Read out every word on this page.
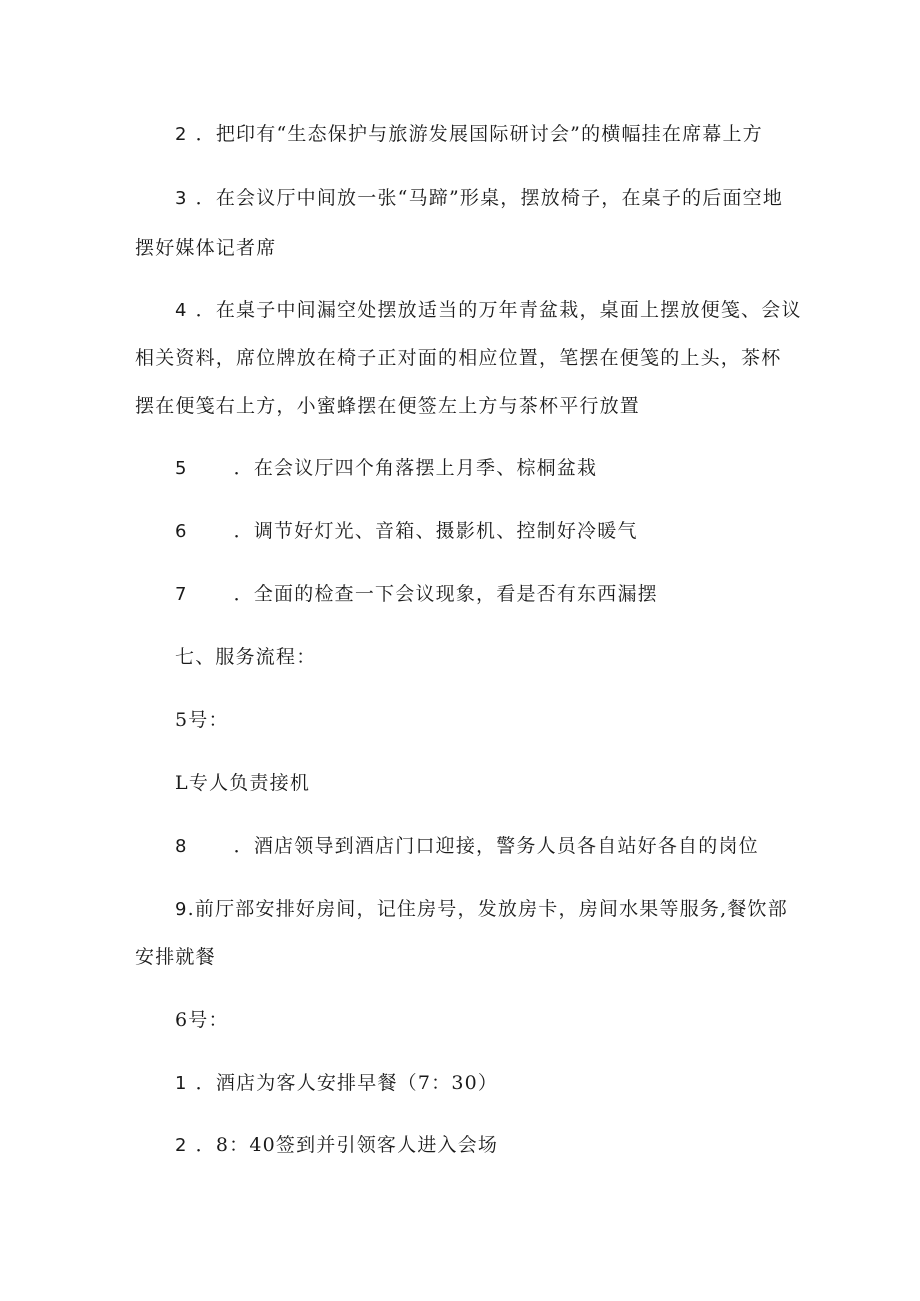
2 ．把印有“生态保护与旅游发展国际研讨会”的横幅挂在席幕上方
3 ．在会议厅中间放一张“马蹄”形桌，摆放椅子，在桌子的后面空地
摆好媒体记者席
4 ．在桌子中间漏空处摆放适当的万年青盆栽，桌面上摆放便笺、会议
相关资料，席位牌放在椅子正对面的相应位置，笔摆在便笺的上头，茶杯
摆在便笺右上方，小蜜蜂摆在便签左上方与茶杯平行放置
5 ．在会议厅四个角落摆上月季、棕桐盆栽
6 ．调节好灯光、音箱、摄影机、控制好冷暖气
7 ．全面的检查一下会议现象，看是否有东西漏摆
七、服务流程：
5号：
L专人负责接机
8 ．酒店领导到酒店门口迎接，警务人员各自站好各自的岗位
9.前厅部安排好房间，记住房号，发放房卡，房间水果等服务,餐饮部
安排就餐
6号：
1 ．酒店为客人安排早餐（7：30）
2 ．8：40签到并引领客人进入会场
